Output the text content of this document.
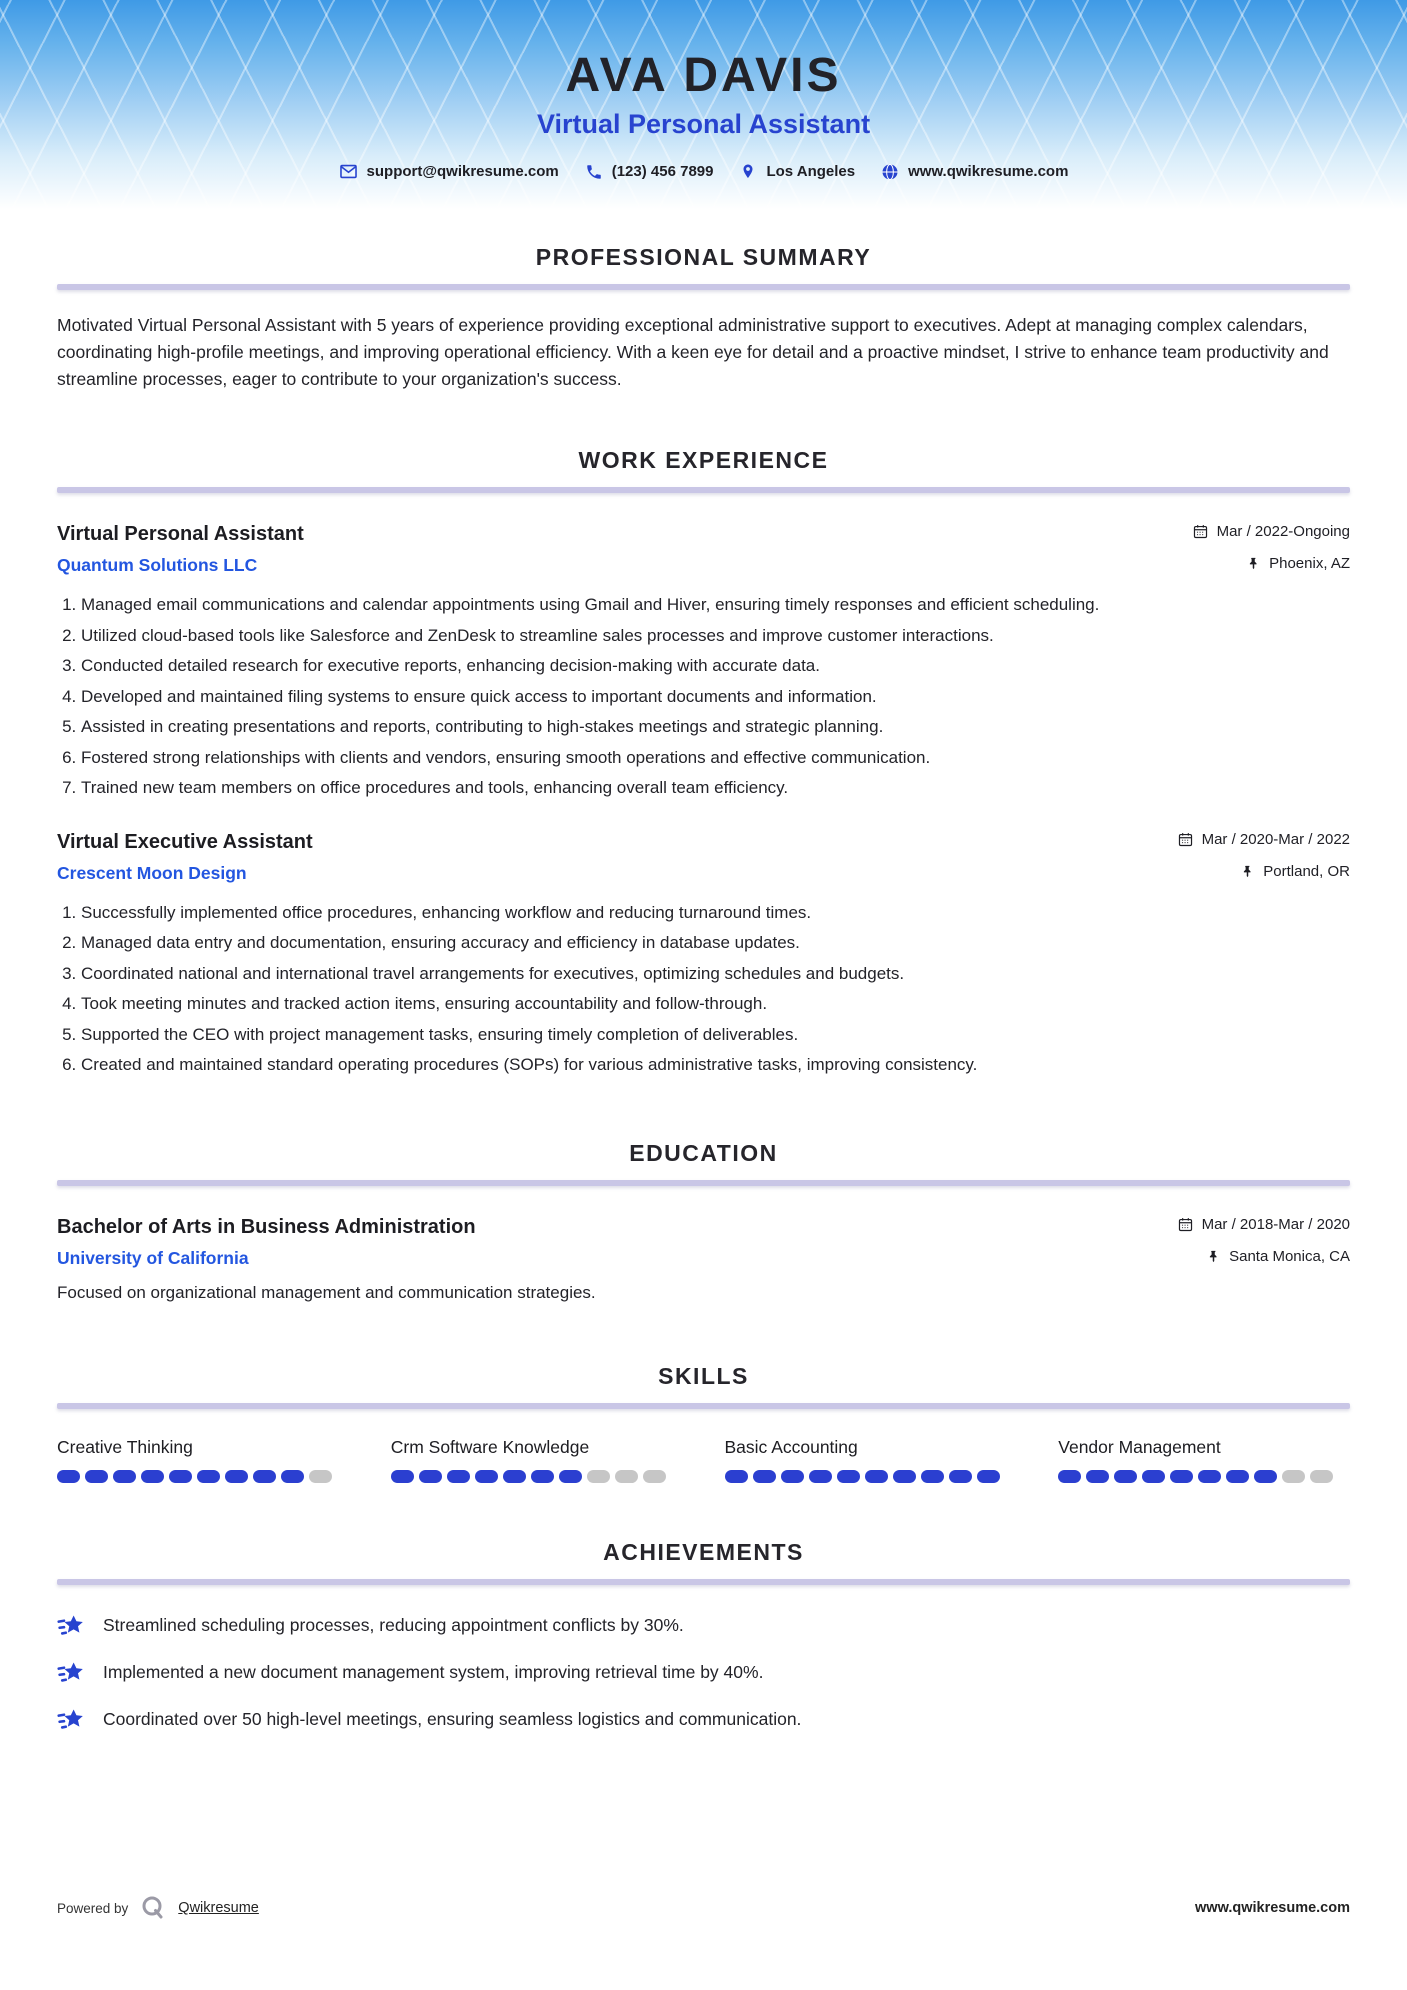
AVA DAVIS
Virtual Personal Assistant
support@qwikresume.com	(123) 456 7899	Los Angeles	www.qwikresume.com
PROFESSIONAL SUMMARY

Motivated Virtual Personal Assistant with 5 years of experience providing exceptional administrative support to executives. Adept at managing complex calendars, coordinating high-profile meetings, and improving operational efficiency. With a keen eye for detail and a proactive mindset, I strive to enhance team productivity and streamline processes, eager to contribute to your organization's success.

WORK EXPERIENCE
Virtual Personal Assistant	Mar / 2022-Ongoing
Quantum Solutions LLC	Phoenix, AZ
1. Managed email communications and calendar appointments using Gmail and Hiver, ensuring timely responses and efficient scheduling.
2. Utilized cloud-based tools like Salesforce and ZenDesk to streamline sales processes and improve customer interactions.
3. Conducted detailed research for executive reports, enhancing decision-making with accurate data.
4. Developed and maintained filing systems to ensure quick access to important documents and information.
5. Assisted in creating presentations and reports, contributing to high-stakes meetings and strategic planning.
6. Fostered strong relationships with clients and vendors, ensuring smooth operations and effective communication.
7. Trained new team members on office procedures and tools, enhancing overall team efficiency.
Virtual Executive Assistant	Mar / 2020-Mar / 2022
Crescent Moon Design	Portland, OR
1. Successfully implemented office procedures, enhancing workflow and reducing turnaround times.
2. Managed data entry and documentation, ensuring accuracy and efficiency in database updates.
3. Coordinated national and international travel arrangements for executives, optimizing schedules and budgets.
4. Took meeting minutes and tracked action items, ensuring accountability and follow-through.
5. Supported the CEO with project management tasks, ensuring timely completion of deliverables.
6. Created and maintained standard operating procedures (SOPs) for various administrative tasks, improving consistency.
EDUCATION
Bachelor of Arts in Business Administration	Mar / 2018-Mar / 2020
University of California	Santa Monica, CA

Focused on organizational management and communication strategies.

SKILLS
Creative Thinking	Crm Software Knowledge	Basic Accounting	Vendor Management
ACHIEVEMENTS
Streamlined scheduling processes, reducing appointment conflicts by 30%.
Implemented a new document management system, improving retrieval time by 40%.
Coordinated over 50 high-level meetings, ensuring seamless logistics and communication.
Powered by	Qwikresume	www.qwikresume.com
